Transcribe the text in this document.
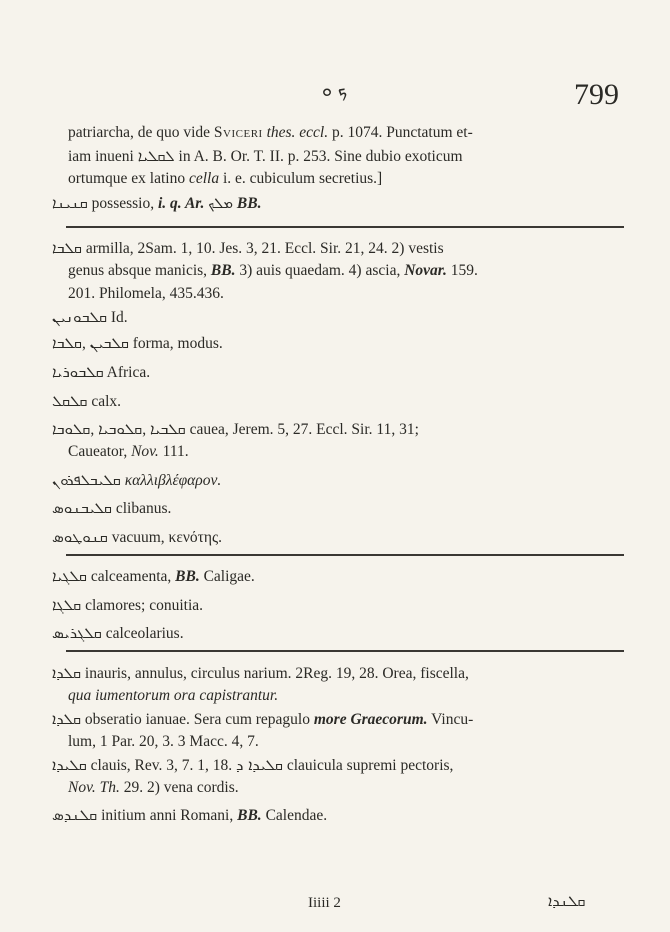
ܟ ܘ	799
patriarcha, de quo vide Sviceri thes. eccl. p. 1074. Punctatum et-
iam inueni ܠܩܠܝܐ in A. B. Or. T. II. p. 253. Sine dubio exoticum
ortumque ex latino cella i. e. cubiculum secretius.]
ܩܢܝܢܐ possessio, i. q. Ar. ܡܠܟ BB.
ܩܠܒܐ armilla, 2Sam. 1, 10. Jes. 3, 21. Eccl. Sir. 21, 24. 2) vestis
genus absque manicis, BB. 3) auis quaedam. 4) ascia, Novar. 159.
201. Philomela, 435.436.
ܩܠܒܘܢܝܢ Id.
ܩܠܒܐ, ܩܠܒܝܢ forma, modus.
ܩܠܒܘܪܝܐ Africa.
ܩܠܩܠ calx.
ܩܠܘܒܐ, ܩܠܘܒܝܐ, ܩܠܒܝܐ cauea, Jerem. 5, 27. Eccl. Sir. 11, 31;
Caueator, Nov. 111.
ܩܠܝܒܠܦܪܘܢ καλλιβλέφαρον.
ܩܠܝܒܢܘܣ clibanus.
ܩܢܘܛܘܣ vacuum, κενότης.
ܩܠܓܝܐ calceamenta, BB. Caligae.
ܩܠܓܐ clamores; conuitia.
ܩܠܓܪܝܣ calceolarius.
ܩܠܕܐ inauris, annulus, circulus narium. 2Reg. 19, 28. Orea, fiscella,
qua iumentorum ora capistrantur.
ܩܠܕܐ obseratio ianuae. Sera cum repagulo more Graecorum. Vincu-
lum, 1 Par. 20, 3. 3 Macc. 4, 7.
ܩܠܝܕܐ clauis, Rev. 3, 7. 1, 18. ܩܠܝܕܐ ܕ clauicula supremi pectoris,
Nov. Th. 29. 2) vena cordis.
ܩܠܢܕܣ initium anni Romani, BB. Calendae.
Iiiii 2	ܩܠܢܕܐ
